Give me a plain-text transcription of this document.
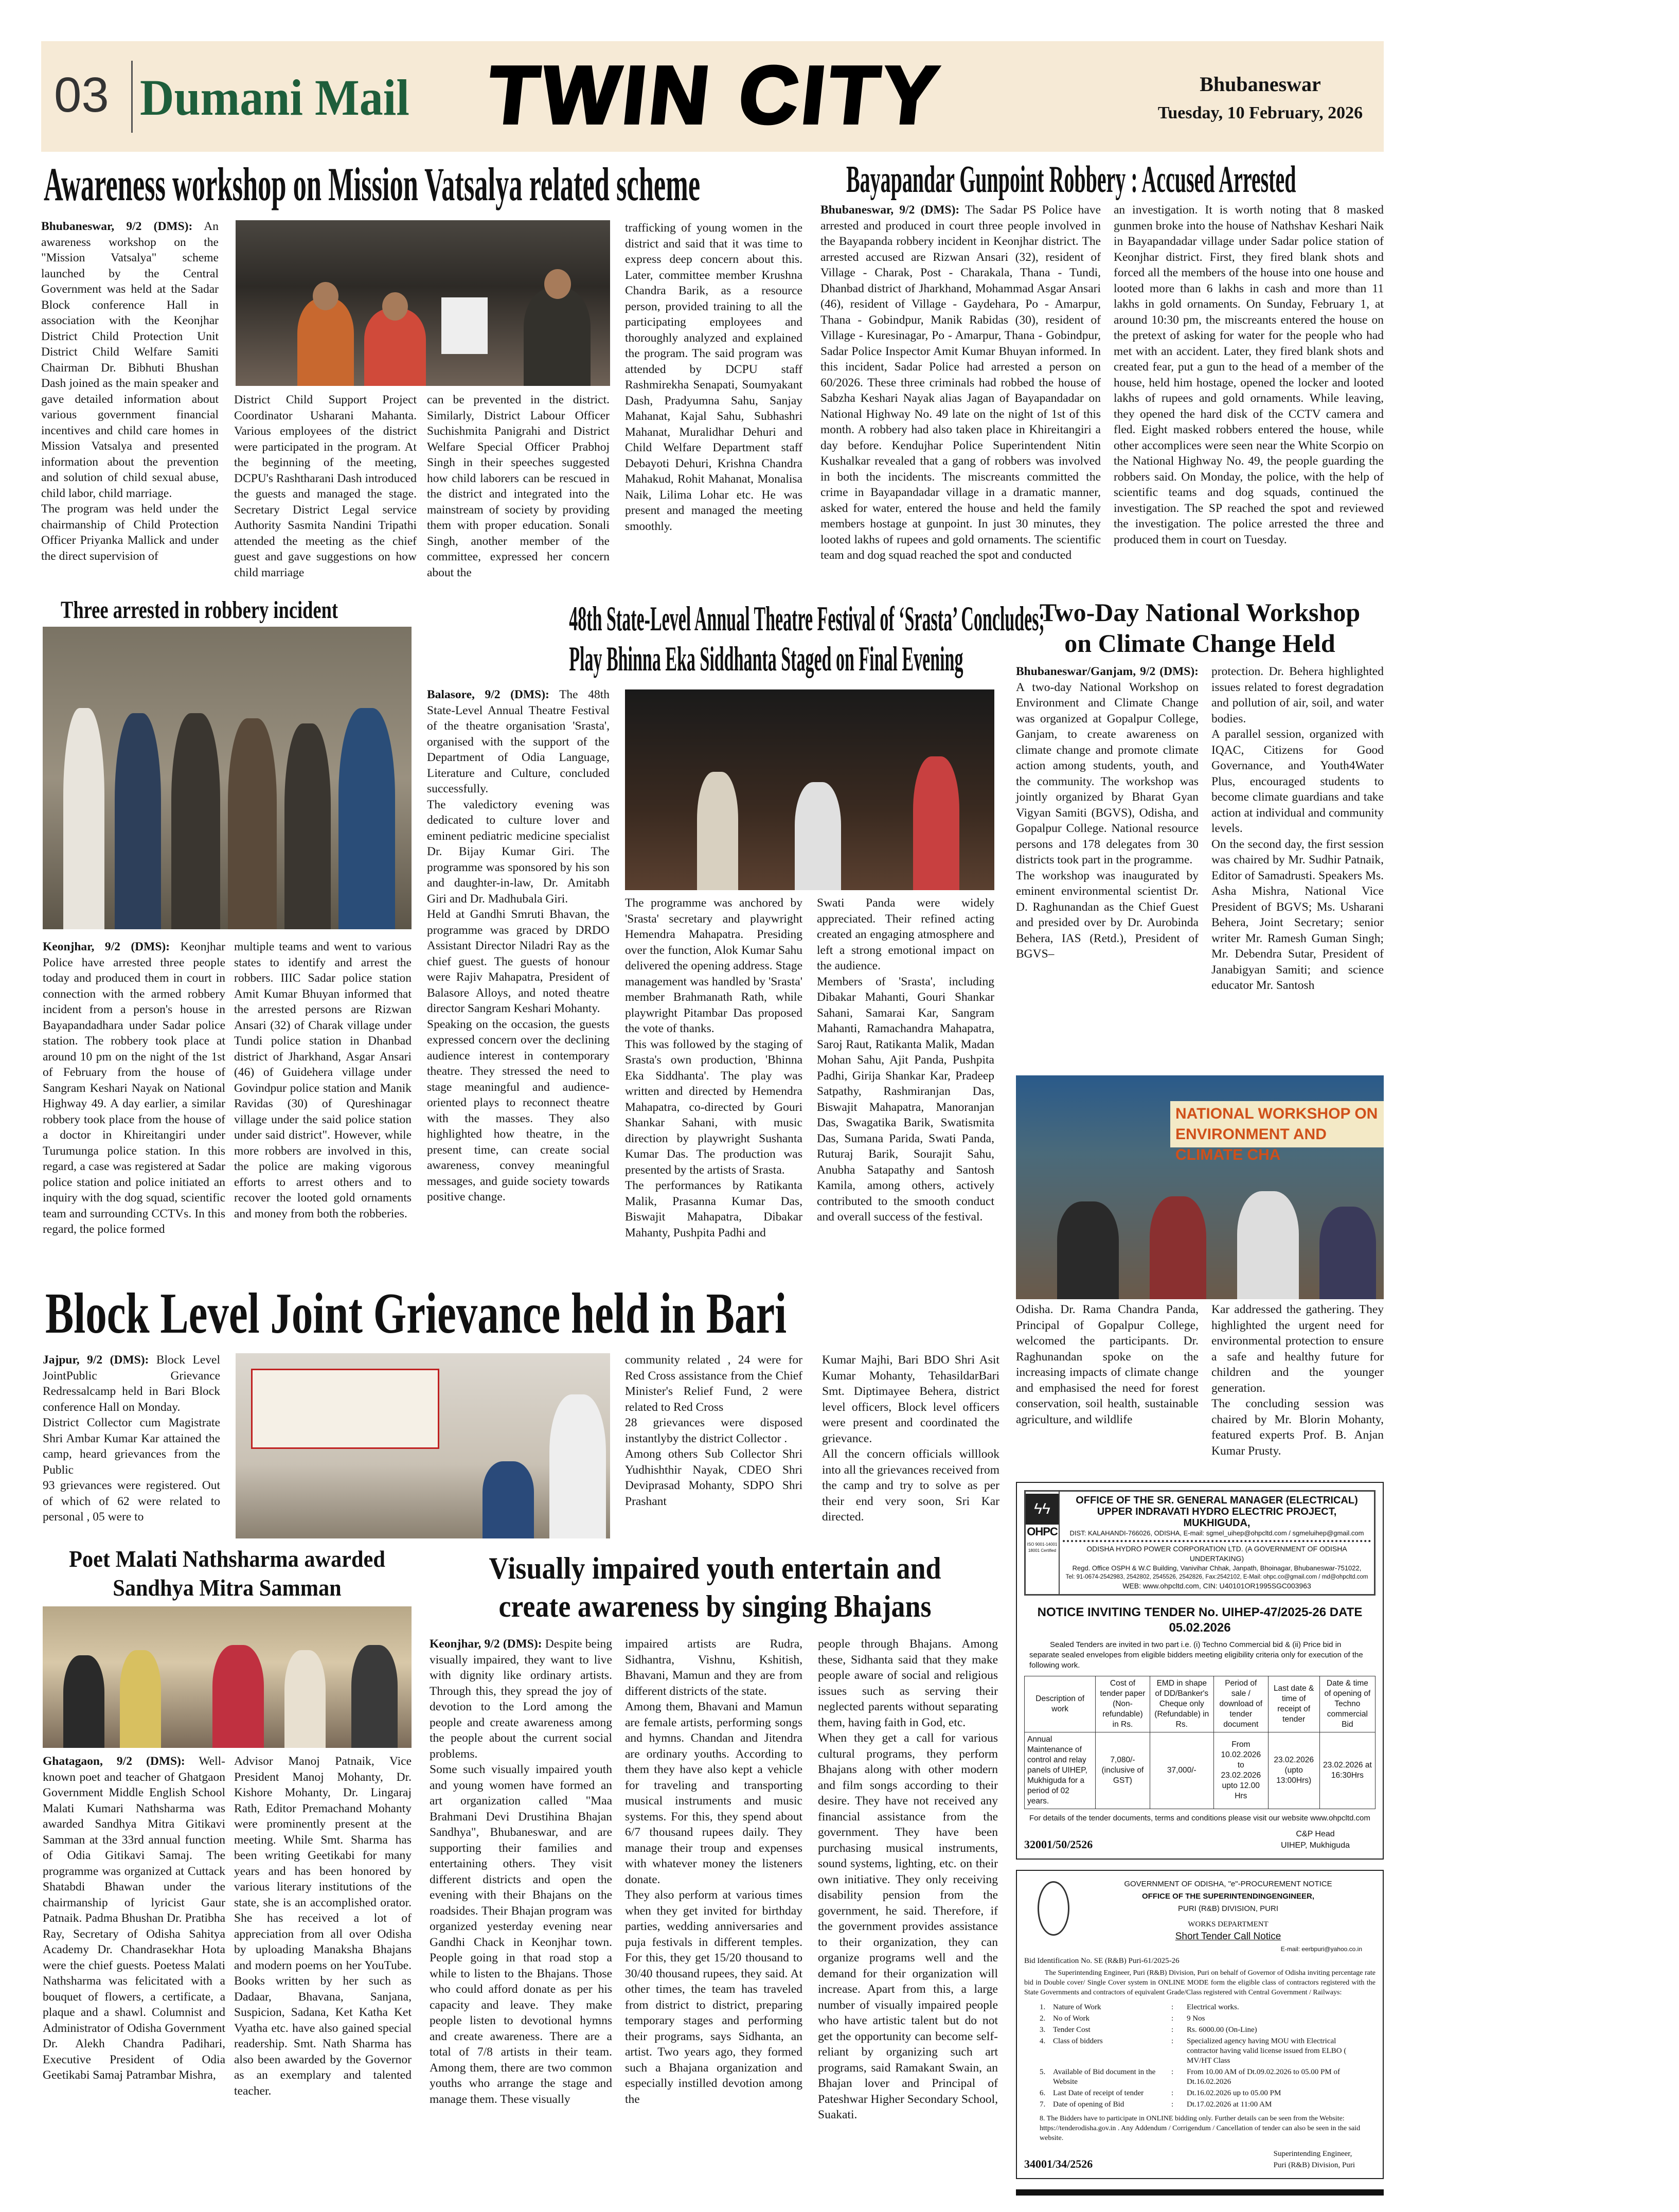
03 Dumani Mail TWIN CITY	Bhubaneswar
Tuesday, 10 February, 2026
Awareness workshop on Mission Vatsalya related scheme
Bhubaneswar, 9/2 (DMS): An awareness workshop on the "Mission Vatsalya" scheme launched by the Central Government was held at the Sadar Block conference Hall in association with the Keonjhar District Child Protection Unit District Child Welfare Samiti Chairman Dr. Bibhuti Bhushan Dash joined as the main speaker and gave detailed information about various government financial incentives and child care homes in Mission Vatsalya and presented information about the prevention and solution of child sexual abuse, child labor, child marriage.
The program was held under the chairmanship of Child Protection Officer Priyanka Mallick and under the direct supervision of
District Child Support Project Coordinator Usharani Mahanta. Various employees of the district were participated in the program. At the beginning of the meeting, DCPU's Rashtharani Dash introduced the guests and managed the stage. Secretary District Legal service Authority Sasmita Nandini Tripathi attended the meeting as the chief guest and gave suggestions on how child marriage
can be prevented in the district. Similarly, District Labour Officer Suchishmita Panigrahi and District Welfare Special Officer Prabhoj Singh in their speeches suggested how child laborers can be rescued in the district and integrated into the mainstream of society by providing them with proper education. Sonali Singh, another member of the committee, expressed her concern about the
trafficking of young women in the district and said that it was time to express deep concern about this. Later, committee member Krushna Chandra Barik, as a resource person, provided training to all the participating employees and thoroughly analyzed and explained the program. The said program was attended by DCPU staff Rashmirekha Senapati, Soumyakant Dash, Pradyumna Sahu, Sanjay Mahanat, Kajal Sahu, Subhashri Mahanat, Muralidhar Dehuri and Child Welfare Department staff Debayoti Dehuri, Krishna Chandra Mahakud, Rohit Mahanat, Monalisa Naik, Lilima Lohar etc. He was present and managed the meeting smoothly.
Bayapandar Gunpoint Robbery : Accused Arrested
Bhubaneswar, 9/2 (DMS): The Sadar PS Police have arrested and produced in court three people involved in the Bayapanda robbery incident in Keonjhar district. The arrested accused are Rizwan Ansari (32), resident of Village - Charak, Post - Charakala, Thana - Tundi, Dhanbad district of Jharkhand, Mohammad Asgar Ansari (46), resident of Village - Gaydehara, Po - Amarpur, Thana - Gobindpur, Manik Rabidas (30), resident of Village - Kuresinagar, Po - Amarpur, Thana - Gobindpur, Sadar Police Inspector Amit Kumar Bhuyan informed. In this incident, Sadar Police had arrested a person on 60/2026. These three criminals had robbed the house of Sabzha Keshari Nayak alias Jagan of Bayapandadar on National Highway No. 49 late on the night of 1st of this month. A robbery had also taken place in Khireitangiri a day before. Kendujhar Police Superintendent Nitin Kushalkar revealed that a gang of robbers was involved in both the incidents. The miscreants committed the crime in Bayapandadar village in a dramatic manner, asked for water, entered the house and held the family members hostage at gunpoint. In just 30 minutes, they looted lakhs of rupees and gold ornaments. The scientific team and dog squad reached the spot and conducted
an investigation. It is worth noting that 8 masked gunmen broke into the house of Nathshav Keshari Naik in Bayapandadar village under Sadar police station of Keonjhar district. First, they fired blank shots and forced all the members of the house into one house and looted more than 6 lakhs in cash and more than 11 lakhs in gold ornaments. On Sunday, February 1, at around 10:30 pm, the miscreants entered the house on the pretext of asking for water for the people who had met with an accident. Later, they fired blank shots and created fear, put a gun to the head of a member of the house, held him hostage, opened the locker and looted lakhs of rupees and gold ornaments. While leaving, they opened the hard disk of the CCTV camera and fled. Eight masked robbers entered the house, while other accomplices were seen near the White Scorpio on the National Highway No. 49, the people guarding the robbers said. On Monday, the police, with the help of scientific teams and dog squads, continued the investigation. The SP reached the spot and reviewed the investigation. The police arrested the three and produced them in court on Tuesday.
Three arrested in robbery incident
Keonjhar, 9/2 (DMS): Keonjhar Police have arrested three people today and produced them in court in connection with the armed robbery incident from a person's house in Bayapandadhara under Sadar police station. The robbery took place at around 10 pm on the night of the 1st of February from the house of Sangram Keshari Nayak on National Highway 49. A day earlier, a similar robbery took place from the house of a doctor in Khireitangiri under Turumunga police station. In this regard, a case was registered at Sadar police station and police initiated an inquiry with the dog squad, scientific team and surrounding CCTVs. In this regard, the police formed
multiple teams and went to various states to identify and arrest the robbers. IIIC Sadar police station Amit Kumar Bhuyan informed that the arrested persons are Rizwan Ansari (32) of Charak village under Tundi police station in Dhanbad district of Jharkhand, Asgar Ansari (46) of Guidehera village under Govindpur police station and Manik Ravidas (30) of Qureshinagar village under the said police station under said district". However, while more robbers are involved in this, the police are making vigorous efforts to arrest others and to recover the looted gold ornaments and money from both the robberies.
48th State-Level Annual Theatre Festival of ‘Srasta’ Concludes;
Play Bhinna Eka Siddhanta Staged on Final Evening
Balasore, 9/2 (DMS): The 48th State-Level Annual Theatre Festival of the theatre organisation 'Srasta', organised with the support of the Department of Odia Language, Literature and Culture, concluded successfully.
The valedictory evening was dedicated to culture lover and eminent pediatric medicine specialist Dr. Bijay Kumar Giri. The programme was sponsored by his son and daughter-in-law, Dr. Amitabh Giri and Dr. Madhubala Giri.
Held at Gandhi Smruti Bhavan, the programme was graced by DRDO Assistant Director Niladri Ray as the chief guest. The guests of honour were Rajiv Mahapatra, President of Balasore Alloys, and noted theatre director Sangram Keshari Mohanty.
Speaking on the occasion, the guests expressed concern over the declining audience interest in contemporary theatre. They stressed the need to stage meaningful and audience-oriented plays to reconnect theatre with the masses. They also highlighted how theatre, in the present time, can create social awareness, convey meaningful messages, and guide society towards positive change.
The programme was anchored by 'Srasta' secretary and playwright Hemendra Mahapatra. Presiding over the function, Alok Kumar Sahu delivered the opening address. Stage management was handled by 'Srasta' member Brahmanath Rath, while playwright Pitambar Das proposed the vote of thanks.
This was followed by the staging of Srasta's own production, 'Bhinna Eka Siddhanta'. The play was written and directed by Hemendra Mahapatra, co-directed by Gouri Shankar Sahani, with music direction by playwright Sushanta Kumar Das. The production was presented by the artists of Srasta.
The performances by Ratikanta Malik, Prasanna Kumar Das, Biswajit Mahapatra, Dibakar Mahanty, Pushpita Padhi and
Swati Panda were widely appreciated. Their refined acting created an engaging atmosphere and left a strong emotional impact on the audience.
Members of 'Srasta', including Dibakar Mahanti, Gouri Shankar Sahani, Samarai Kar, Sangram Mahanti, Ramachandra Mahapatra, Saroj Raut, Ratikanta Malik, Madan Mohan Sahu, Ajit Panda, Pushpita Padhi, Girija Shankar Kar, Pradeep Satpathy, Rashmiranjan Das, Biswajit Mahapatra, Manoranjan Das, Swagatika Barik, Swatismita Das, Sumana Parida, Swati Panda, Ruturaj Barik, Sourajit Sahu, Anubha Satapathy and Santosh Kamila, among others, actively contributed to the smooth conduct and overall success of the festival.
Two-Day National Workshop
on Climate Change Held
Bhubaneswar/Ganjam, 9/2 (DMS): A two-day National Workshop on Environment and Climate Change was organized at Gopalpur College, Ganjam, to create awareness on climate change and promote climate action among students, youth, and the community. The workshop was jointly organized by Bharat Gyan Vigyan Samiti (BGVS), Odisha, and Gopalpur College. National resource persons and 178 delegates from 30 districts took part in the programme.
The workshop was inaugurated by eminent environmental scientist Dr. D. Raghunandan as the Chief Guest and presided over by Dr. Aurobinda Behera, IAS (Retd.), President of BGVS–
protection. Dr. Behera highlighted issues related to forest degradation and pollution of air, soil, and water bodies.
A parallel session, organized with IQAC, Citizens for Good Governance, and Youth4Water Plus, encouraged students to become climate guardians and take action at individual and community levels.
On the second day, the first session was chaired by Mr. Sudhir Patnaik, Editor of Samadrusti. Speakers Ms. Asha Mishra, National Vice President of BGVS; Ms. Usharani Behera, Joint Secretary; senior writer Mr. Ramesh Guman Singh; Mr. Debendra Sutar, President of Janabigyan Samiti; and science educator Mr. Santosh
NATIONAL WORKSHOP ON ENVIRONMENT AND CLIMATE CHA
Odisha. Dr. Rama Chandra Panda, Principal of Gopalpur College, welcomed the participants. Dr. Raghunandan spoke on the increasing impacts of climate change and emphasised the need for forest conservation, soil health, sustainable agriculture, and wildlife
Kar addressed the gathering. They highlighted the urgent need for environmental protection to ensure a safe and healthy future for children and the younger generation.
The concluding session was chaired by Mr. Blorin Mohanty, featured experts Prof. B. Anjan Kumar Prusty.
Block Level Joint Grievance held in Bari
Jajpur, 9/2 (DMS): Block Level JointPublic Grievance Redressalcamp held in Bari Block conference Hall on Monday.
District Collector cum Magistrate Shri Ambar Kumar Kar attained the camp, heard grievances from the Public
93 grievances were registered. Out of which of 62 were related to personal , 05 were to
community related , 24 were for Red Cross assistance from the Chief Minister's Relief Fund, 2 were related to Red Cross
28 grievances were disposed instantlyby the district Collector .
Among others Sub Collector Shri Yudhishthir Nayak, CDEO Shri Deviprasad Mohanty, SDPO Shri Prashant
Kumar Majhi, Bari BDO Shri Asit Kumar Mohanty, TehasildarBari Smt. Diptimayee Behera, district level officers, Block level officers were present and coordinated the grievance.
All the concern officials willlook into all the grievances received from the camp and try to solve as per their end very soon, Sri Kar directed.
Poet Malati Nathsharma awarded
Sandhya Mitra Samman
Ghatagaon, 9/2 (DMS): Well-known poet and teacher of Ghatgaon Government Middle English School Malati Kumari Nathsharma was awarded Sandhya Mitra Gitikavi Samman at the 33rd annual function of Odia Gitikavi Samaj. The programme was organized at Cuttack Shatabdi Bhawan under the chairmanship of lyricist Gaur Patnaik. Padma Bhushan Dr. Pratibha Ray, Secretary of Odisha Sahitya Academy Dr. Chandrasekhar Hota were the chief guests. Poetess Malati Nathsharma was felicitated with a bouquet of flowers, a certificate, a plaque and a shawl. Columnist and Administrator of Odisha Government Dr. Alekh Chandra Padihari, Executive President of Odia Geetikabi Samaj Patrambar Mishra,
Advisor Manoj Patnaik, Vice President Manoj Mohanty, Dr. Kishore Mohanty, Dr. Lingaraj Rath, Editor Premachand Mohanty were prominently present at the meeting. While Smt. Sharma has been writing Geetikabi for many years and has been honored by various literary institutions of the state, she is an accomplished orator. She has received a lot of appreciation from all over Odisha by uploading Manaksha Bhajans and modern poems on her YouTube. Books written by her such as Dadaar, Bhavana, Sanjana, Suspicion, Sadana, Ket Katha Ket Vyatha etc. have also gained special readership. Smt. Nath Sharma has also been awarded by the Governor as an exemplary and talented teacher.
Visually impaired youth entertain and
create awareness by singing Bhajans
Keonjhar, 9/2 (DMS): Despite being visually impaired, they want to live with dignity like ordinary artists. Through this, they spread the joy of devotion to the Lord among the people and create awareness among the people about the current social problems.
Some such visually impaired youth and young women have formed an art organization called "Maa Brahmani Devi Drustihina Bhajan Sandhya", Bhubaneswar, and are supporting their families and entertaining others. They visit different districts and open the evening with their Bhajans on the roadsides. Their Bhajan program was organized yesterday evening near Gandhi Chack in Keonjhar town. People going in that road stop a while to listen to the Bhajans. Those who could afford donate as per his capacity and leave. They make people listen to devotional hymns and create awareness. There are a total of 7/8 artists in their team. Among them, there are two common youths who arrange the stage and manage them. These visually
impaired artists are Rudra, Sidhantra, Vishnu, Kshitish, Bhavani, Mamun and they are from different districts of the state.
Among them, Bhavani and Mamun are female artists, performing songs and hymns. Chandan and Jitendra are ordinary youths. According to them they have also kept a vehicle for traveling and transporting musical instruments and music systems. For this, they spend about 6/7 thousand rupees daily. They manage their troup and expenses with whatever money the listeners donate.
They also perform at various times when they get invited for birthday parties, wedding anniversaries and puja festivals in different temples. For this, they get 15/20 thousand to 30/40 thousand rupees, they said. At other times, the team has traveled from district to district, preparing temporary stages and performing their programs, says Sidhanta, an artist. Two years ago, they formed such a Bhajana organization and especially instilled devotion among the
people through Bhajans. Among these, Sidhanta said that they make people aware of social and religious issues such as serving their neglected parents without separating them, having faith in God, etc.
When they get a call for various cultural programs, they perform Bhajans along with other modern and film songs according to their desire. They have not received any financial assistance from the government. They have been purchasing musical instruments, sound systems, lighting, etc. on their own initiative. They only receiving disability pension from the government, he said. Therefore, if the government provides assistance to their organization, they can organize programs well and the demand for their organization will increase. Apart from this, a large number of visually impaired people who have artistic talent but do not get the opportunity can become self-reliant by organizing such art programs, said Ramakant Swain, an Bhajan lover and Principal of Pateshwar Higher Secondary School, Suakati.
ϟϟ
OHPC
ISO 9001-14001
18001 Certified
OFFICE OF THE SR. GENERAL MANAGER (ELECTRICAL)
UPPER INDRAVATI HYDRO ELECTRIC PROJECT, MUKHIGUDA,
DIST: KALAHANDI-766026, ODISHA, E-mail: sgmel_uihep@ohpcltd.com / sgmeluihep@gmail.com
ODISHA HYDRO POWER CORPORATION LTD. (A GOVERNMENT OF ODISHA UNDERTAKING)
Regd. Office OSPH & W.C Building, Vanivihar Chhak, Janpath, Bhoinagar, Bhubaneswar-751022,
Tel: 91-0674-2542983, 2542802, 2545526, 2542826, Fax:2542102, E-Mail: ohpc.co@gmail.com / md@ohpcltd.com
WEB: www.ohpcltd.com, CIN: U40101OR1995SGC003963
NOTICE INVITING TENDER No. UIHEP-47/2025-26 DATE 05.02.2026
Sealed Tenders are invited in two part i.e. (i) Techno Commercial bid & (ii) Price bid in separate sealed envelopes from eligible bidders meeting eligibility criteria only for execution of the following work.
Description of work	Cost of tender paper (Non-refundable) in Rs.	EMD in shape of DD/Banker's Cheque only (Refundable) in Rs.	Period of sale / download of tender document	Last date & time of receipt of tender	Date & time of opening of Techno commercial Bid
Annual Maintenance of control and relay panels of UIHEP, Mukhiguda for a period of 02 years.	7,080/- (inclusive of GST)	37,000/-	From 10.02.2026 to 23.02.2026 upto 12.00 Hrs	23.02.2026 (upto 13:00Hrs)	23.02.2026 at 16:30Hrs
For details of the tender documents, terms and conditions please visit our website www.ohpcltd.com
32001/50/2526
C&P Head
UIHEP, Mukhiguda
GOVERNMENT OF ODISHA, "e"-PROCUREMENT NOTICE
OFFICE OF THE SUPERINTENDINGENGINEER,
PURI (R&B) DIVISION, PURI
WORKS DEPARTMENT
Short Tender Call Notice
E-mail: eerbpuri@yahoo.co.in
Bid Identification No. SE (R&B) Puri-61/2025-26
The Superintending Engineer, Puri (R&B) Division, Puri on behalf of Governor of Odisha inviting percentage rate bid in Double cover/ Single Cover system in ONLINE MODE form the eligible class of contractors registered with the State Governments and contractors of equivalent Grade/Class registered with Central Government / Railways:
1. Nature of Work	:	Electrical works.
2. No of Work	:	9 Nos
3. Tender Cost	:	Rs. 6000.00 (On-Line)
4. Class of bidders	:	Specialized agency having MOU with Electrical contractor having valid license issued from ELBO ( MV/HT Class
5. Available of Bid document in the Website
:	From 10.00 AM of Dt.09.02.2026 to 05.00 PM of Dt.16.02.2026
6. Last Date of receipt of tender	:	Dt.16.02.2026 up to 05.00 PM
7. Date of opening of Bid	:	Dt.17.02.2026 at 11:00 AM
8. The Bidders have to participate in ONLINE bidding only. Further details can be seen from the Website: https://tenderodisha.gov.in . Any Addendum / Corrigendum / Cancellation of tender can also be seen in the said website.
34001/34/2526
Superintending Engineer,
Puri (R&B) Division, Puri
